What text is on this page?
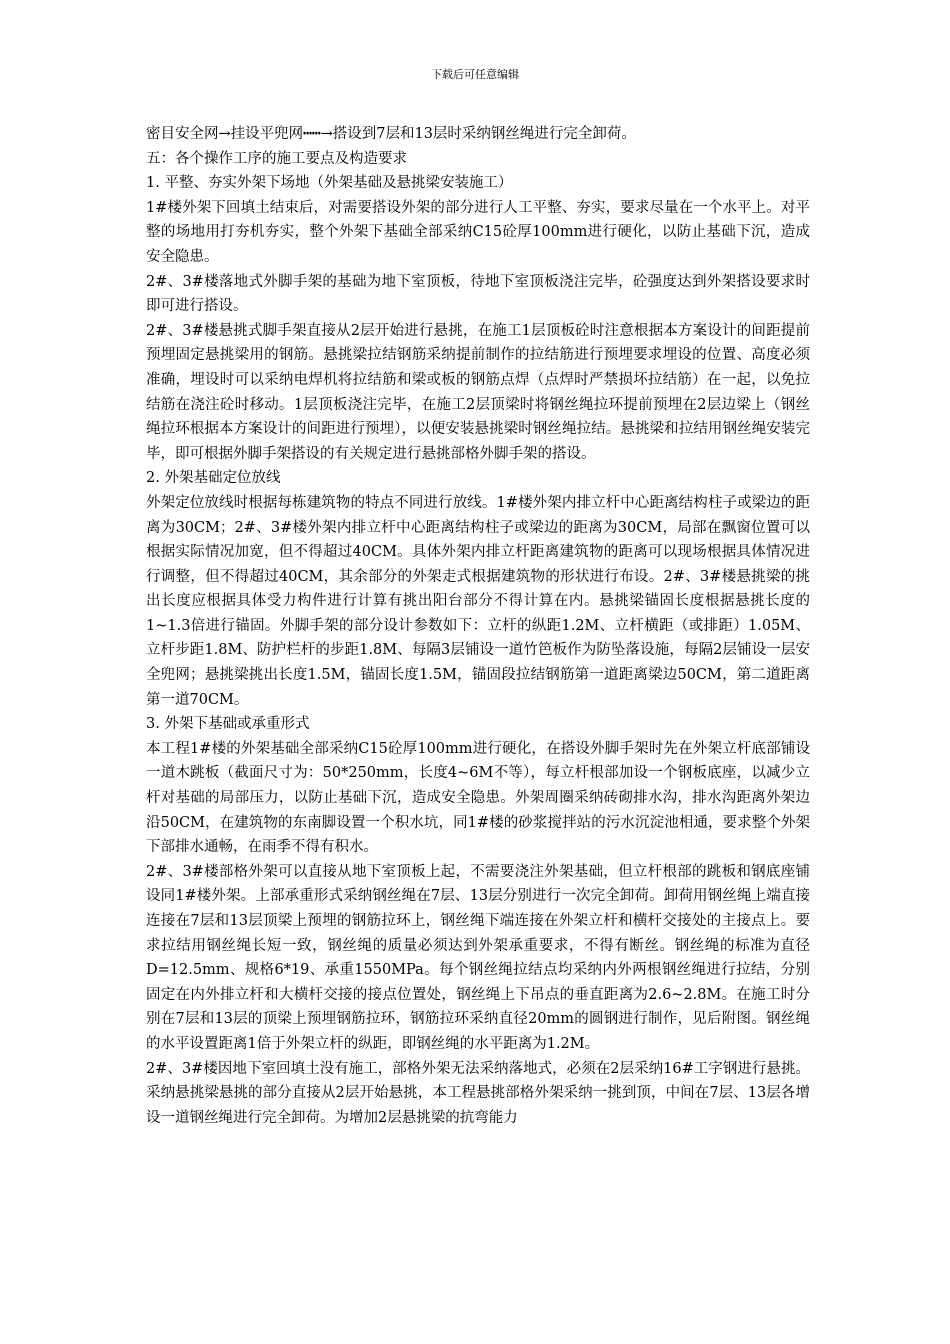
下载后可任意编辑

密目安全网→挂设平兜网┅┅→搭设到7层和13层时采纳钢丝绳进行完全卸荷。

五：各个操作工序的施工要点及构造要求

1. 平整、夯实外架下场地（外架基础及悬挑梁安装施工）

1#楼外架下回填土结束后，对需要搭设外架的部分进行人工平整、夯实，要求尽量在一个水平上。对平整的场地用打夯机夯实，整个外架下基础全部采纳C15砼厚100mm进行硬化，以防止基础下沉，造成安全隐患。

2#、3#楼落地式外脚手架的基础为地下室顶板，待地下室顶板浇注完毕，砼强度达到外架搭设要求时即可进行搭设。

2#、3#楼悬挑式脚手架直接从2层开始进行悬挑，在施工1层顶板砼时注意根据本方案设计的间距提前预埋固定悬挑梁用的钢筋。悬挑梁拉结钢筋采纳提前制作的拉结筋进行预埋要求埋设的位置、高度必须准确，埋设时可以采纳电焊机将拉结筋和梁或板的钢筋点焊（点焊时严禁损坏拉结筋）在一起，以免拉结筋在浇注砼时移动。1层顶板浇注完毕，在施工2层顶梁时将钢丝绳拉环提前预埋在2层边梁上（钢丝绳拉环根据本方案设计的间距进行预埋），以便安装悬挑梁时钢丝绳拉结。悬挑梁和拉结用钢丝绳安装完毕，即可根据外脚手架搭设的有关规定进行悬挑部格外脚手架的搭设。

2. 外架基础定位放线

外架定位放线时根据每栋建筑物的特点不同进行放线。1#楼外架内排立杆中心距离结构柱子或梁边的距离为30CM；2#、3#楼外架内排立杆中心距离结构柱子或梁边的距离为30CM，局部在飘窗位置可以根据实际情况加宽，但不得超过40CM。具体外架内排立杆距离建筑物的距离可以现场根据具体情况进行调整，但不得超过40CM，其余部分的外架走式根据建筑物的形状进行布设。2#、3#楼悬挑梁的挑出长度应根据具体受力构件进行计算有挑出阳台部分不得计算在内。悬挑梁锚固长度根据悬挑长度的1~1.3倍进行锚固。外脚手架的部分设计参数如下：立杆的纵距1.2M、立杆横距（或排距）1.05M、立杆步距1.8M、防护栏杆的步距1.8M、每隔3层铺设一道竹笆板作为防坠落设施，每隔2层铺设一层安全兜网；悬挑梁挑出长度1.5M，锚固长度1.5M，锚固段拉结钢筋第一道距离梁边50CM，第二道距离第一道70CM。

3. 外架下基础或承重形式

本工程1#楼的外架基础全部采纳C15砼厚100mm进行硬化，在搭设外脚手架时先在外架立杆底部铺设一道木跳板（截面尺寸为：50*250mm，长度4~6M不等），每立杆根部加设一个钢板底座，以减少立杆对基础的局部压力，以防止基础下沉，造成安全隐患。外架周圈采纳砖砌排水沟，排水沟距离外架边沿50CM，在建筑物的东南脚设置一个积水坑，同1#楼的砂浆搅拌站的污水沉淀池相通，要求整个外架下部排水通畅，在雨季不得有积水。

2#、3#楼部格外架可以直接从地下室顶板上起，不需要浇注外架基础，但立杆根部的跳板和钢底座铺设同1#楼外架。上部承重形式采纳钢丝绳在7层、13层分别进行一次完全卸荷。卸荷用钢丝绳上端直接连接在7层和13层顶梁上预埋的钢筋拉环上，钢丝绳下端连接在外架立杆和横杆交接处的主接点上。要求拉结用钢丝绳长短一致，钢丝绳的质量必须达到外架承重要求，不得有断丝。钢丝绳的标准为直径D=12.5mm、规格6*19、承重1550MPa。每个钢丝绳拉结点均采纳内外两根钢丝绳进行拉结，分别固定在内外排立杆和大横杆交接的接点位置处，钢丝绳上下吊点的垂直距离为2.6~2.8M。在施工时分别在7层和13层的顶梁上预埋钢筋拉环，钢筋拉环采纳直径20mm的圆钢进行制作，见后附图。钢丝绳的水平设置距离1倍于外架立杆的纵距，即钢丝绳的水平距离为1.2M。

2#、3#楼因地下室回填土没有施工，部格外架无法采纳落地式，必须在2层采纳16#工字钢进行悬挑。采纳悬挑梁悬挑的部分直接从2层开始悬挑，本工程悬挑部格外架采纳一挑到顶，中间在7层、13层各增设一道钢丝绳进行完全卸荷。为增加2层悬挑梁的抗弯能力
